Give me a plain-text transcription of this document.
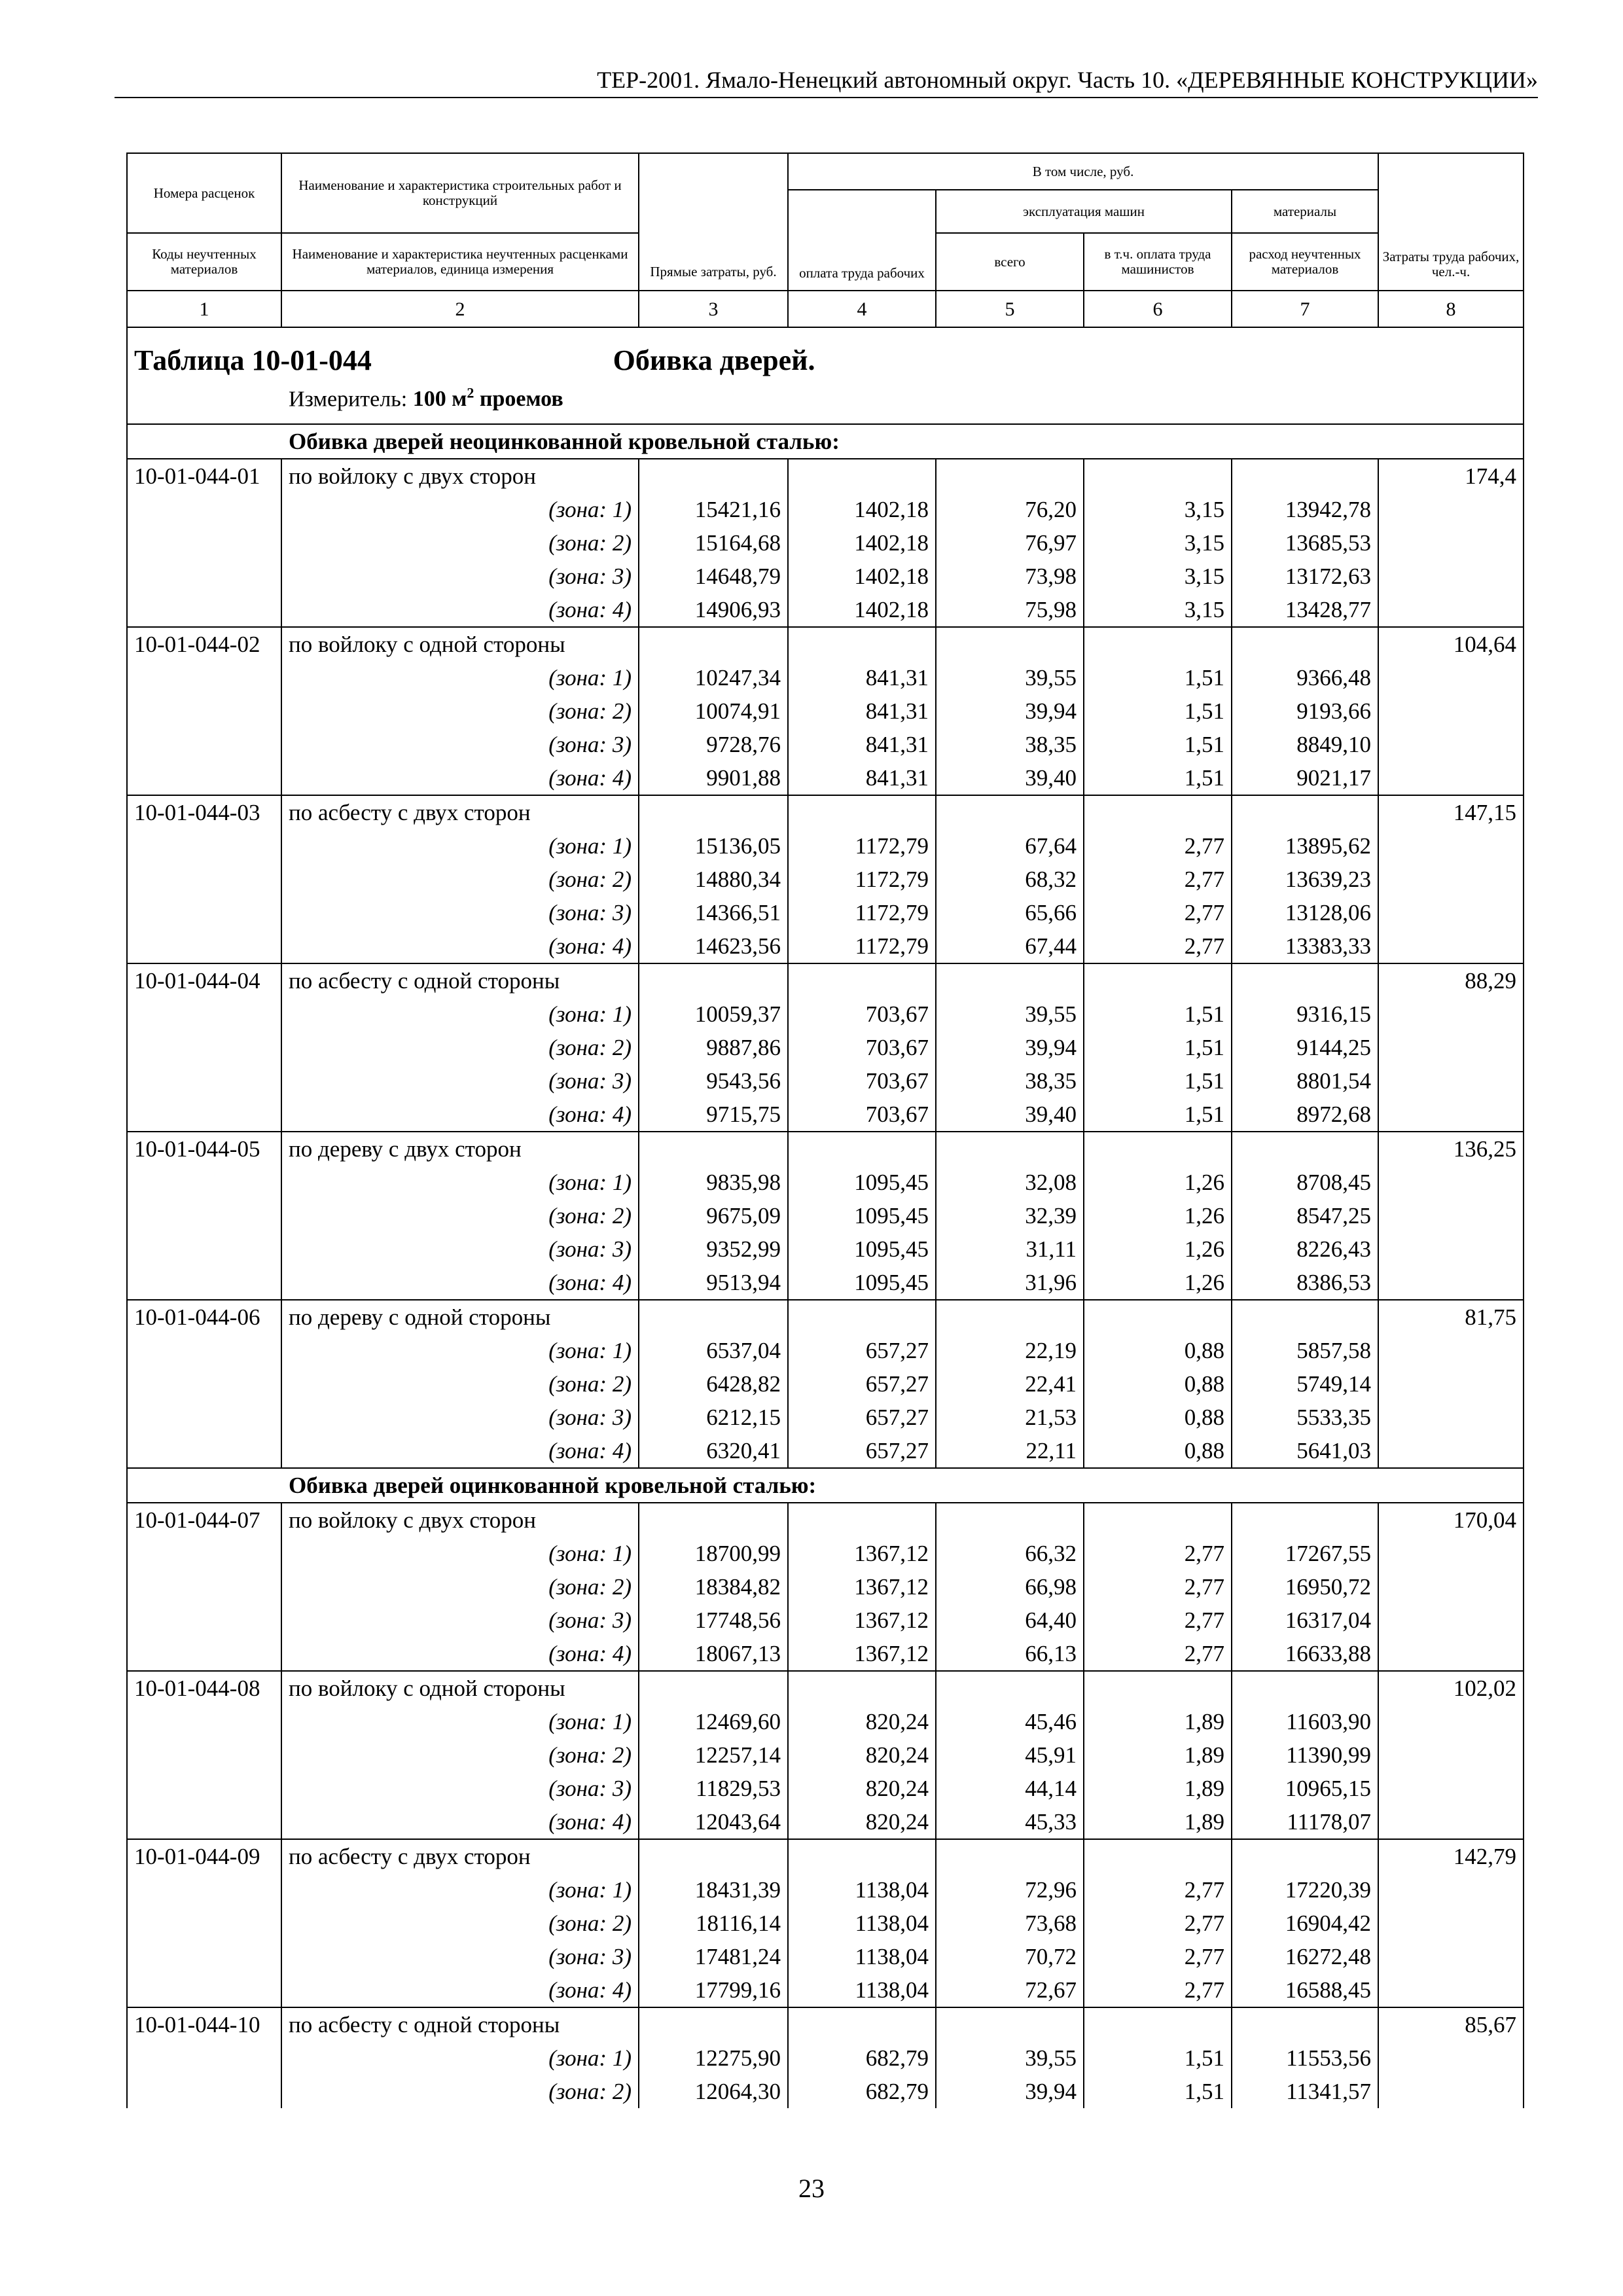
ТЕР-2001. Ямало-Ненецкий автономный округ. Часть 10. «ДЕРЕВЯННЫЕ КОНСТРУКЦИИ»
Номера расценок	Наименование и характеристика строительных работ и конструкций	Прямые затраты, руб.	В том числе, руб.				Затраты труда рабочих, чел.-ч.
			оплата труда рабочих	эксплуатация машин		материалы	
Коды неучтенных материалов	Наименование и характеристика неучтенных расценками материалов, единица измерения			всего	в т.ч. оплата труда машинистов	расход неучтенных материалов	
1	2	3	4	5	6	7	8

Таблица 10-01-044 Обивка дверей.
Измеритель: 100 $м^2$ проемов							

Обивка дверей неоцинкованной кровельной сталью:							
10-01-044-01	по войлоку с двух сторон						174,4
	(зона: 1)	15421,16	1402,18	76,20	3,15	13942,78	
	(зона: 2)	15164,68	1402,18	76,97	3,15	13685,53	
	(зона: 3)	14648,79	1402,18	73,98	3,15	13172,63	
	(зона: 4)	14906,93	1402,18	75,98	3,15	13428,77	
10-01-044-02	по войлоку с одной стороны						104,64
	(зона: 1)	10247,34	841,31	39,55	1,51	9366,48	
	(зона: 2)	10074,91	841,31	39,94	1,51	9193,66	
	(зона: 3)	9728,76	841,31	38,35	1,51	8849,10	
	(зона: 4)	9901,88	841,31	39,40	1,51	9021,17	
10-01-044-03	по асбесту с двух сторон						147,15
	(зона: 1)	15136,05	1172,79	67,64	2,77	13895,62	
	(зона: 2)	14880,34	1172,79	68,32	2,77	13639,23	
	(зона: 3)	14366,51	1172,79	65,66	2,77	13128,06	
	(зона: 4)	14623,56	1172,79	67,44	2,77	13383,33	
10-01-044-04	по асбесту с одной стороны						88,29
	(зона: 1)	10059,37	703,67	39,55	1,51	9316,15	
	(зона: 2)	9887,86	703,67	39,94	1,51	9144,25	
	(зона: 3)	9543,56	703,67	38,35	1,51	8801,54	
	(зона: 4)	9715,75	703,67	39,40	1,51	8972,68	
10-01-044-05	по дереву с двух сторон						136,25
	(зона: 1)	9835,98	1095,45	32,08	1,26	8708,45	
	(зона: 2)	9675,09	1095,45	32,39	1,26	8547,25	
	(зона: 3)	9352,99	1095,45	31,11	1,26	8226,43	
	(зона: 4)	9513,94	1095,45	31,96	1,26	8386,53	
10-01-044-06	по дереву с одной стороны						81,75
	(зона: 1)	6537,04	657,27	22,19	0,88	5857,58	
	(зона: 2)	6428,82	657,27	22,41	0,88	5749,14	
	(зона: 3)	6212,15	657,27	21,53	0,88	5533,35	
	(зона: 4)	6320,41	657,27	22,11	0,88	5641,03	
Обивка дверей оцинкованной кровельной сталью:							
10-01-044-07	по войлоку с двух сторон						170,04
	(зона: 1)	18700,99	1367,12	66,32	2,77	17267,55	
	(зона: 2)	18384,82	1367,12	66,98	2,77	16950,72	
	(зона: 3)	17748,56	1367,12	64,40	2,77	16317,04	
	(зона: 4)	18067,13	1367,12	66,13	2,77	16633,88	
10-01-044-08	по войлоку с одной стороны						102,02
	(зона: 1)	12469,60	820,24	45,46	1,89	11603,90	
	(зона: 2)	12257,14	820,24	45,91	1,89	11390,99	
	(зона: 3)	11829,53	820,24	44,14	1,89	10965,15	
	(зона: 4)	12043,64	820,24	45,33	1,89	11178,07	
10-01-044-09	по асбесту с двух сторон						142,79
	(зона: 1)	18431,39	1138,04	72,96	2,77	17220,39	
	(зона: 2)	18116,14	1138,04	73,68	2,77	16904,42	
	(зона: 3)	17481,24	1138,04	70,72	2,77	16272,48	
	(зона: 4)	17799,16	1138,04	72,67	2,77	16588,45	
10-01-044-10	по асбесту с одной стороны						85,67
	(зона: 1)	12275,90	682,79	39,55	1,51	11553,56	
	(зона: 2)	12064,30	682,79	39,94	1,51	11341,57	
23
